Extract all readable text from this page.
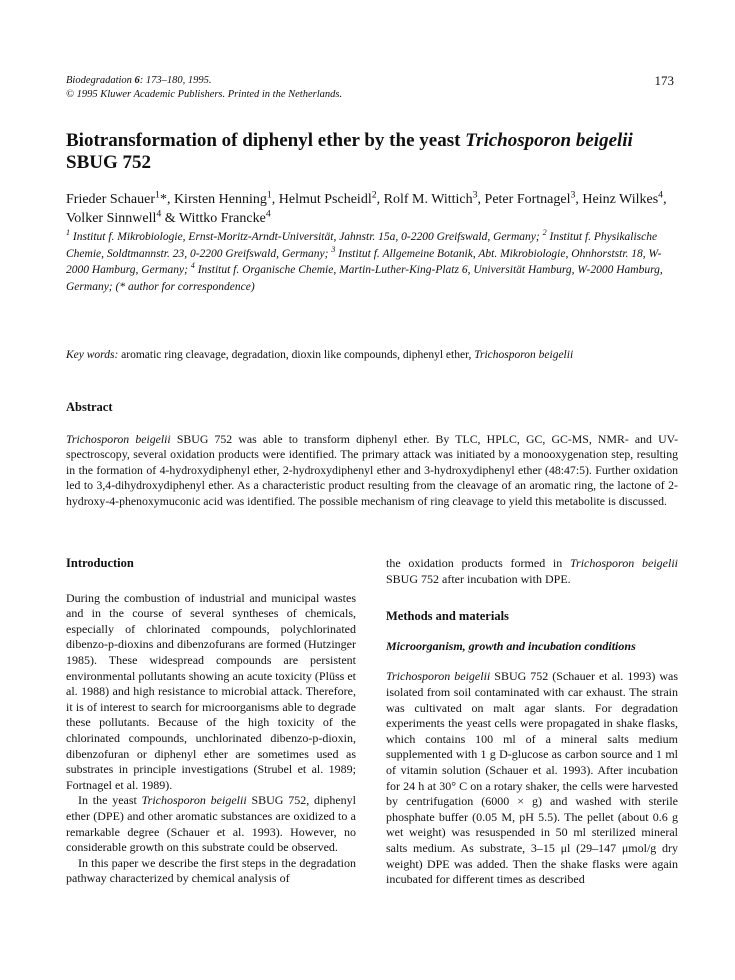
Biodegradation 6: 173–180, 1995.
© 1995 Kluwer Academic Publishers. Printed in the Netherlands.
173
Biotransformation of diphenyl ether by the yeast Trichosporon beigelii
SBUG 752
Frieder Schauer$^1$*, Kirsten Henning$^1$, Helmut Pscheidl$^2$, Rolf M. Wittich$^3$, Peter Fortnagel$^3$, Heinz Wilkes$^4$, Volker Sinnwell$^4$ & Wittko Francke$^4$
$^1$ Institut f. Mikrobiologie, Ernst-Moritz-Arndt-Universität, Jahnstr. 15a, 0-2200 Greifswald, Germany; $^2$ Institut f. Physikalische Chemie, Soldtmannstr. 23, 0-2200 Greifswald, Germany; $^3$ Institut f. Allgemeine Botanik, Abt. Mikrobiologie, Ohnhorststr. 18, W-2000 Hamburg, Germany; $^4$ Institut f. Organische Chemie, Martin-Luther-King-Platz 6, Universität Hamburg, W-2000 Hamburg, Germany; (* author for correspondence)
Key words: aromatic ring cleavage, degradation, dioxin like compounds, diphenyl ether, Trichosporon beigelii
Abstract

Trichosporon beigelii SBUG 752 was able to transform diphenyl ether. By TLC, HPLC, GC, GC-MS, NMR- and UV-spectroscopy, several oxidation products were identified. The primary attack was initiated by a monooxygenation step, resulting in the formation of 4-hydroxydiphenyl ether, 2-hydroxydiphenyl ether and 3-hydroxydiphenyl ether (48:47:5). Further oxidation led to 3,4-dihydroxydiphenyl ether. As a characteristic product resulting from the cleavage of an aromatic ring, the lactone of 2-hydroxy-4-phenoxymuconic acid was identified. The possible mechanism of ring cleavage to yield this metabolite is discussed.

Introduction

During the combustion of industrial and municipal wastes and in the course of several syntheses of chemicals, especially of chlorinated compounds, polychlorinated dibenzo-p-dioxins and dibenzofurans are formed (Hutzinger 1985). These widespread compounds are persistent environmental pollutants showing an acute toxicity (Plüss et al. 1988) and high resistance to microbial attack. Therefore, it is of interest to search for microorganisms able to degrade these pollutants. Because of the high toxicity of the chlorinated compounds, unchlorinated dibenzo-p-dioxin, dibenzofuran or diphenyl ether are sometimes used as substrates in principle investigations (Strubel et al. 1989; Fortnagel et al. 1989).

In the yeast Trichosporon beigelii SBUG 752, diphenyl ether (DPE) and other aromatic substances are oxidized to a remarkable degree (Schauer et al. 1993). However, no considerable growth on this substrate could be observed.

In this paper we describe the first steps in the degradation pathway characterized by chemical analysis of

the oxidation products formed in Trichosporon beigelii SBUG 752 after incubation with DPE.

Methods and materials
Microorganism, growth and incubation conditions

Trichosporon beigelii SBUG 752 (Schauer et al. 1993) was isolated from soil contaminated with car exhaust. The strain was cultivated on malt agar slants. For degradation experiments the yeast cells were propagated in shake flasks, which contains 100 ml of a mineral salts medium supplemented with 1 g D-glucose as carbon source and 1 ml of vitamin solution (Schauer et al. 1993). After incubation for 24 h at 30° C on a rotary shaker, the cells were harvested by centrifugation (6000 × g) and washed with sterile phosphate buffer (0.05 M, pH 5.5). The pellet (about 0.6 g wet weight) was resuspended in 50 ml sterilized mineral salts medium. As substrate, 3–15 μl (29–147 μmol/g dry weight) DPE was added. Then the shake flasks were again incubated for different times as described
